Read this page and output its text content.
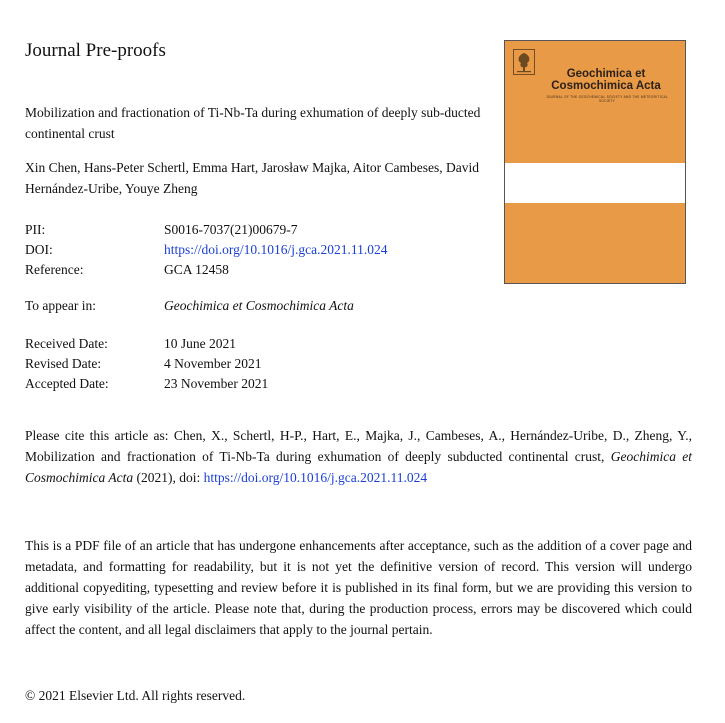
Journal Pre-proofs
Mobilization and fractionation of Ti-Nb-Ta during exhumation of deeply sub-ducted continental crust
Xin Chen, Hans-Peter Schertl, Emma Hart, Jarosław Majka, Aitor Cambeses, David Hernández-Uribe, Youye Zheng
PII:	S0016-7037(21)00679-7
DOI:	https://doi.org/10.1016/j.gca.2021.11.024
Reference:	GCA 12458
To appear in:	Geochimica et Cosmochimica Acta
Received Date:	10 June 2021
Revised Date:	4 November 2021
Accepted Date:	23 November 2021
Please cite this article as: Chen, X., Schertl, H-P., Hart, E., Majka, J., Cambeses, A., Hernández-Uribe, D., Zheng, Y., Mobilization and fractionation of Ti-Nb-Ta during exhumation of deeply subducted continental crust, Geochimica et Cosmochimica Acta (2021), doi: https://doi.org/10.1016/j.gca.2021.11.024
This is a PDF file of an article that has undergone enhancements after acceptance, such as the addition of a cover page and metadata, and formatting for readability, but it is not yet the definitive version of record. This version will undergo additional copyediting, typesetting and review before it is published in its final form, but we are providing this version to give early visibility of the article. Please note that, during the production process, errors may be discovered which could affect the content, and all legal disclaimers that apply to the journal pertain.
© 2021 Elsevier Ltd. All rights reserved.
Geochimica et Cosmochimica Acta
JOURNAL OF THE GEOCHEMICAL SOCIETY AND THE METEORITICAL SOCIETY
